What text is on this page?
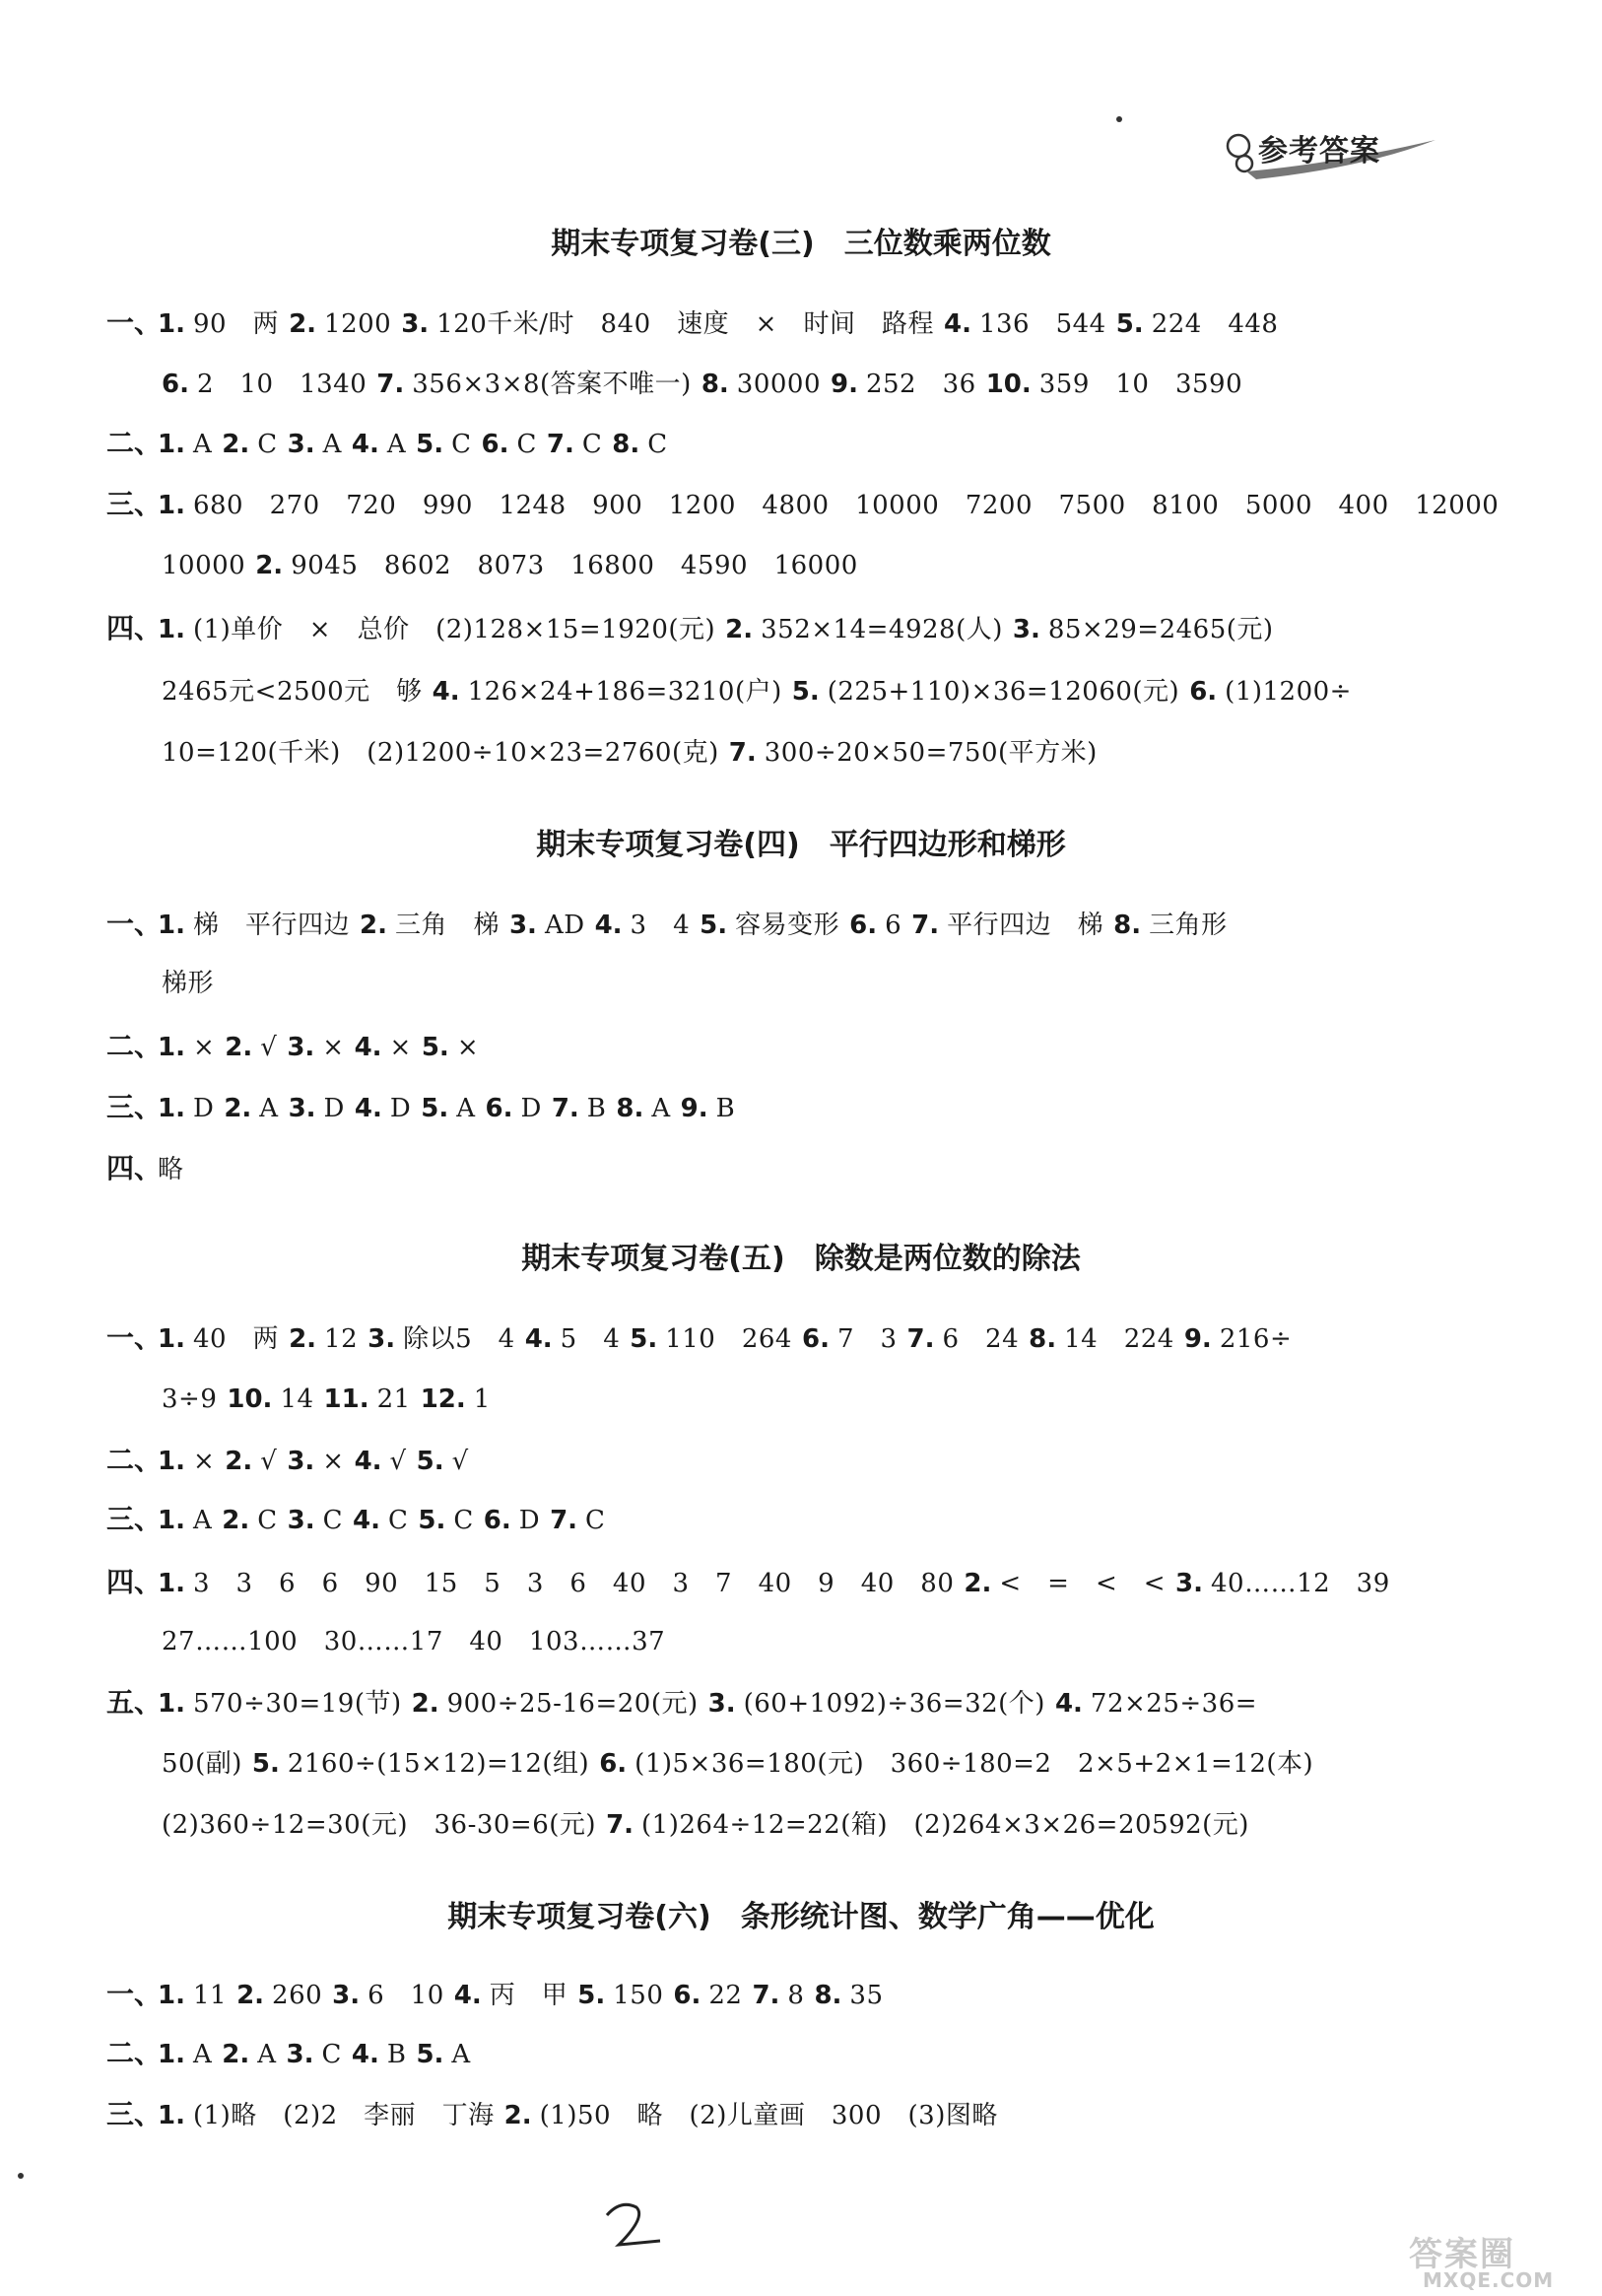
参考答案
期末专项复习卷(三)　三位数乘两位数
一、1. 90　两 2. 1200 3. 120千米/时　840　速度　×　时间　路程 4. 136　544 5. 224　448
6. 2　10　1340 7. 356×3×8(答案不唯一) 8. 30000 9. 252　36 10. 359　10　3590
二、1. A 2. C 3. A 4. A 5. C 6. C 7. C 8. C
三、1. 680　270　720　990　1248　900　1200　4800　10000　7200　7500　8100　5000　400　12000
10000 2. 9045　8602　8073　16800　4590　16000
四、1. (1)单价　×　总价　(2)128×15=1920(元) 2. 352×14=4928(人) 3. 85×29=2465(元)
2465元<2500元　够 4. 126×24+186=3210(户) 5. (225+110)×36=12060(元) 6. (1)1200÷
10=120(千米)　(2)1200÷10×23=2760(克) 7. 300÷20×50=750(平方米)
期末专项复习卷(四)　平行四边形和梯形
一、1. 梯　平行四边 2. 三角　梯 3. AD 4. 3　4 5. 容易变形 6. 6 7. 平行四边　梯 8. 三角形
梯形
二、1. × 2. √ 3. × 4. × 5. ×
三、1. D 2. A 3. D 4. D 5. A 6. D 7. B 8. A 9. B
四、略
期末专项复习卷(五)　除数是两位数的除法
一、1. 40　两 2. 12 3. 除以5　4 4. 5　4 5. 110　264 6. 7　3 7. 6　24 8. 14　224 9. 216÷
3÷9 10. 14 11. 21 12. 1
二、1. × 2. √ 3. × 4. √ 5. √
三、1. A 2. C 3. C 4. C 5. C 6. D 7. C
四、1. 3　3　6　6　90　15　5　3　6　40　3　7　40　9　40　80 2. <　=　<　< 3. 40……12　39
27……100　30……17　40　103……37
五、1. 570÷30=19(节) 2. 900÷25-16=20(元) 3. (60+1092)÷36=32(个) 4. 72×25÷36=
50(副) 5. 2160÷(15×12)=12(组) 6. (1)5×36=180(元)　360÷180=2　2×5+2×1=12(本)
(2)360÷12=30(元)　36-30=6(元) 7. (1)264÷12=22(箱)　(2)264×3×26=20592(元)
期末专项复习卷(六)　条形统计图、数学广角——优化
一、1. 11 2. 260 3. 6　10 4. 丙　甲 5. 150 6. 22 7. 8 8. 35
二、1. A 2. A 3. C 4. B 5. A
三、1. (1)略　(2)2　李丽　丁海 2. (1)50　略　(2)儿童画　300　(3)图略
答案圈
MXQE.COM
